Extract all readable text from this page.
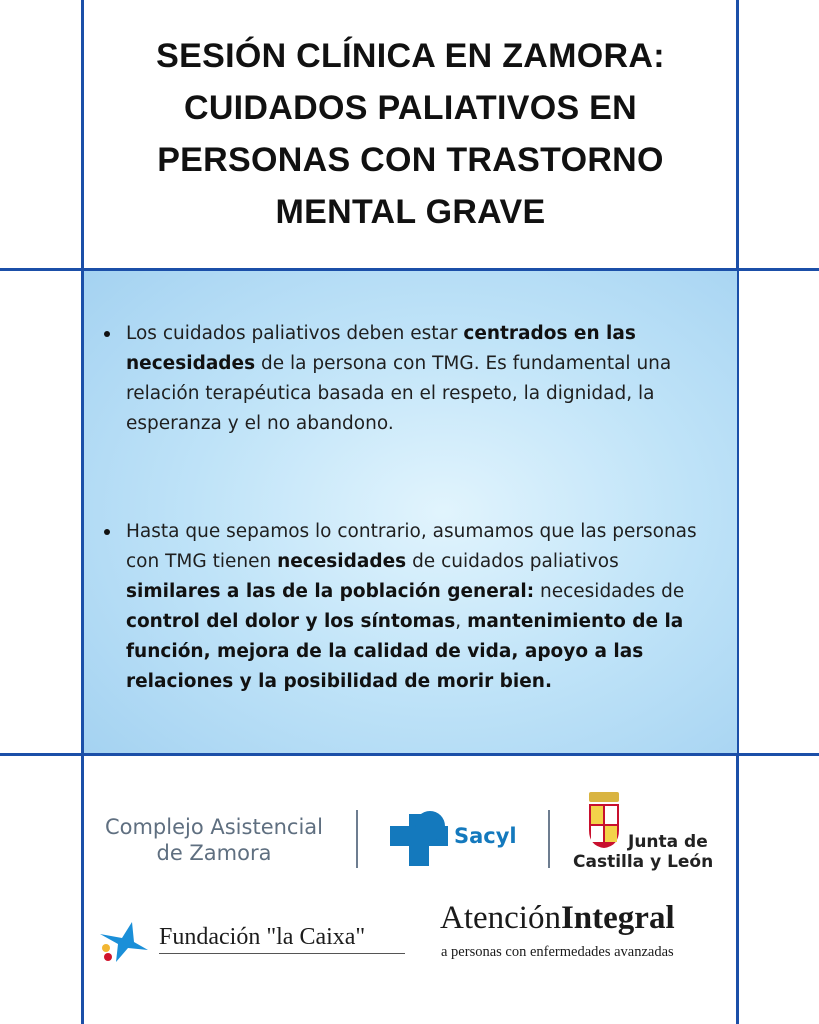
SESIÓN CLÍNICA EN ZAMORA: CUIDADOS PALIATIVOS EN PERSONAS CON TRASTORNO MENTAL GRAVE
Los cuidados paliativos deben estar centrados en las necesidades de la persona con TMG. Es fundamental una relación terapéutica basada en el respeto, la dignidad, la esperanza y el no abandono.
Hasta que sepamos lo contrario, asumamos que las personas con TMG tienen necesidades de cuidados paliativos similares a las de la población general: necesidades de control del dolor y los síntomas, mantenimiento de la función, mejora de la calidad de vida, apoyo a las relaciones y la posibilidad de morir bien.
Complejo Asistencial
de Zamora
Sacyl	Junta de
Castilla y León
Fundación "la Caixa"
AtenciónIntegral
a personas con enfermedades avanzadas
